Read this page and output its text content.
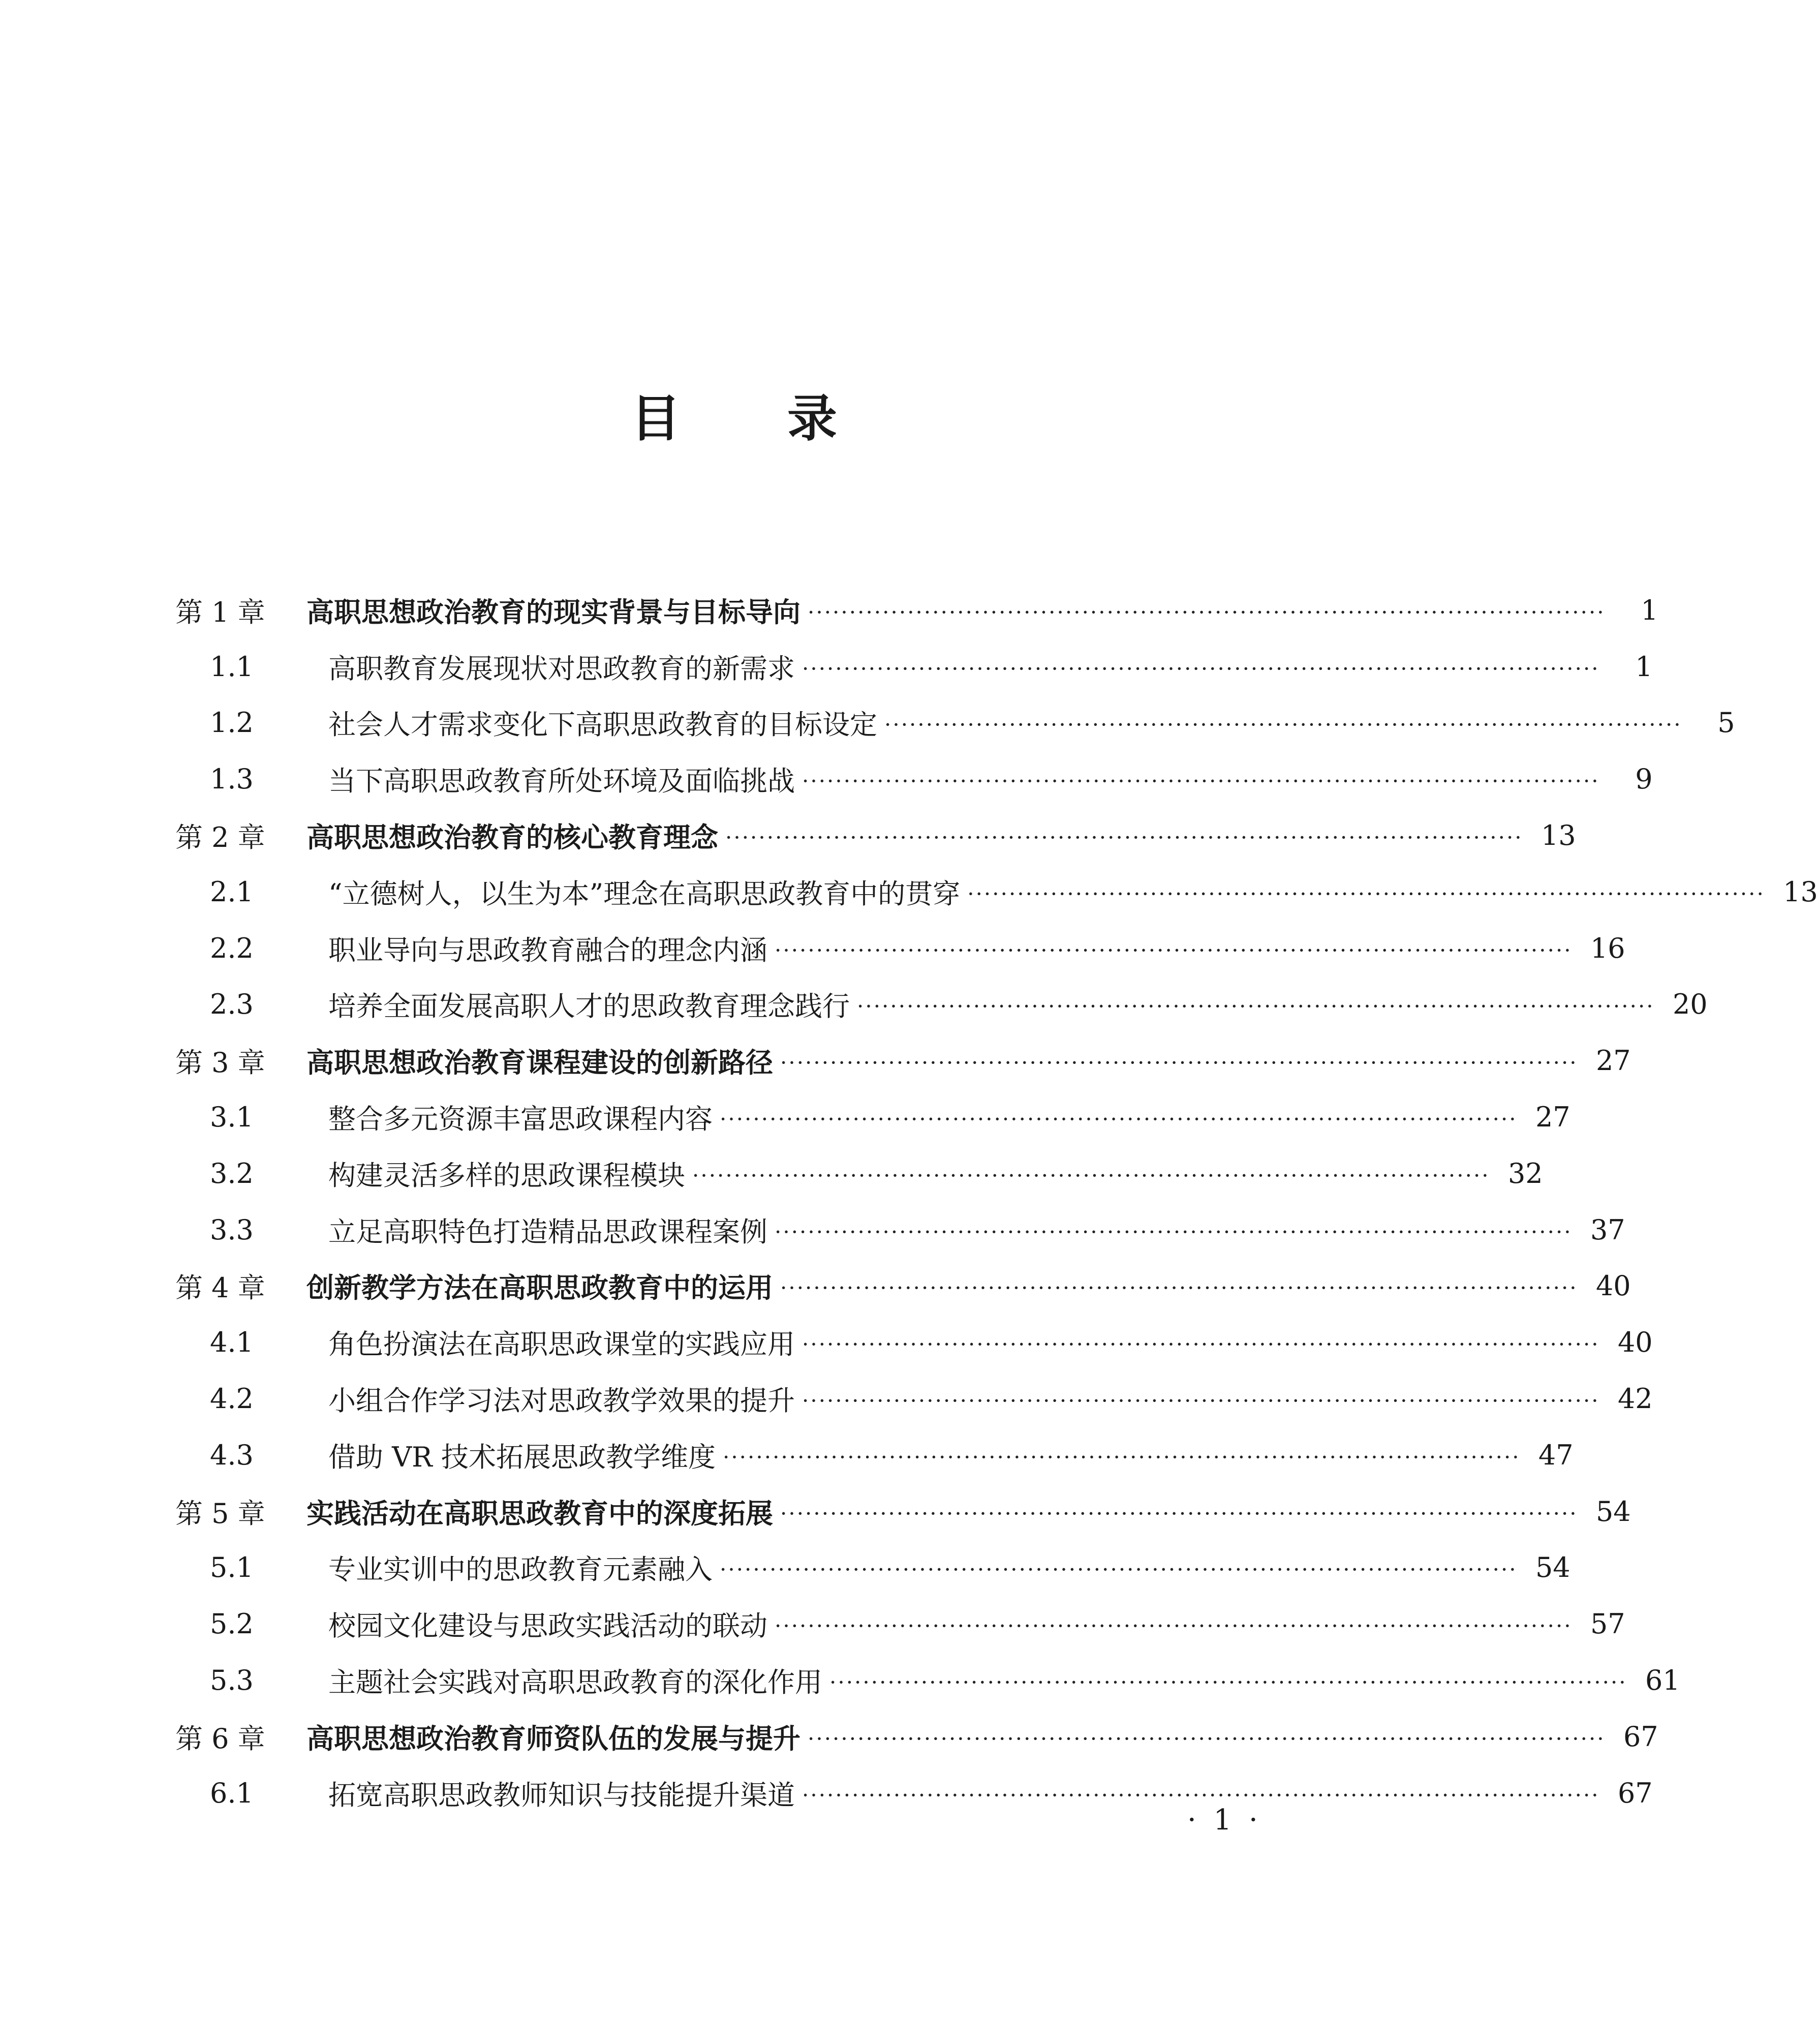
目 录
第 1 章	高职思想政治教育的现实背景与目标导向 ································································································	1
1.1	高职教育发展现状对思政教育的新需求 ································································································	1
1.2	社会人才需求变化下高职思政教育的目标设定 ································································································	5
1.3	当下高职思政教育所处环境及面临挑战 ································································································	9
第 2 章	高职思想政治教育的核心教育理念 ································································································ 13
2.1	“立德树人，以生为本”理念在高职思政教育中的贯穿 ································································································ 13
2.2	职业导向与思政教育融合的理念内涵 ································································································ 16
2.3	培养全面发展高职人才的思政教育理念践行 ································································································ 20
第 3 章	高职思想政治教育课程建设的创新路径 ································································································ 27
3.1	整合多元资源丰富思政课程内容 ································································································ 27
3.2	构建灵活多样的思政课程模块 ································································································ 32
3.3	立足高职特色打造精品思政课程案例 ································································································ 37
第 4 章	创新教学方法在高职思政教育中的运用 ································································································ 40
4.1	角色扮演法在高职思政课堂的实践应用 ································································································ 40
4.2	小组合作学习法对思政教学效果的提升 ································································································ 42
4.3	借助 VR 技术拓展思政教学维度 ································································································ 47
第 5 章	实践活动在高职思政教育中的深度拓展 ································································································ 54
5.1	专业实训中的思政教育元素融入 ································································································ 54
5.2	校园文化建设与思政实践活动的联动 ································································································ 57
5.3	主题社会实践对高职思政教育的深化作用 ································································································ 61
第 6 章	高职思想政治教育师资队伍的发展与提升 ································································································ 67
6.1	拓宽高职思政教师知识与技能提升渠道 ································································································ 67
· 1 ·
